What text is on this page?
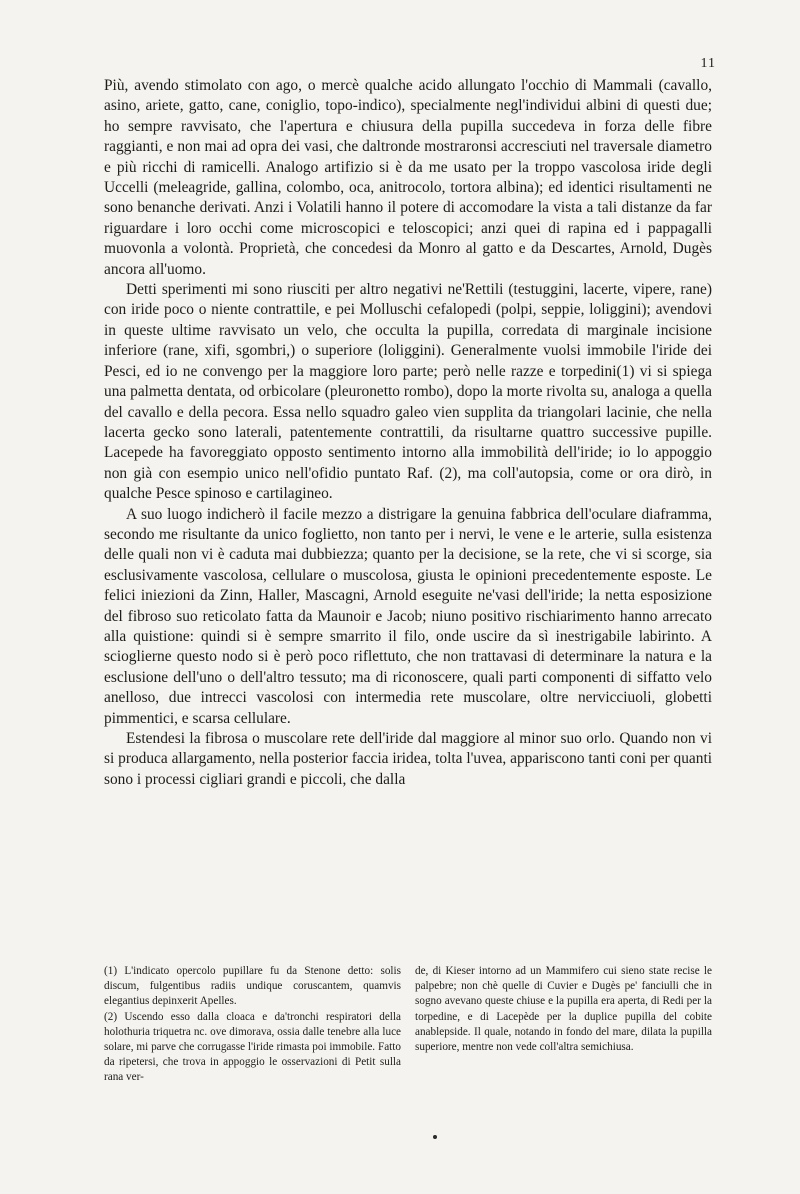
11

Più, avendo stimolato con ago, o mercè qualche acido allungato l'occhio di Mammali (cavallo, asino, ariete, gatto, cane, coniglio, topo-indico), specialmente negl'individui albini di questi due; ho sempre ravvisato, che l'apertura e chiusura della pupilla succedeva in forza delle fibre raggianti, e non mai ad opra dei vasi, che daltronde mostraronsi accresciuti nel traversale diametro e più ricchi di ramicelli. Analogo artifizio si è da me usato per la troppo vascolosa iride degli Uccelli (meleagride, gallina, colombo, oca, anitrocolo, tortora albina); ed identici risultamenti ne sono benanche derivati. Anzi i Volatili hanno il potere di accomodare la vista a tali distanze da far riguardare i loro occhi come microscopici e teloscopici; anzi quei di rapina ed i pappagalli muovonla a volontà. Proprietà, che concedesi da Monro al gatto e da Descartes, Arnold, Dugès ancora all'uomo.

Detti sperimenti mi sono riusciti per altro negativi ne'Rettili (testuggini, lacerte, vipere, rane) con iride poco o niente contrattile, e pei Molluschi cefalopedi (polpi, seppie, loliggini); avendovi in queste ultime ravvisato un velo, che occulta la pupilla, corredata di marginale incisione inferiore (rane, xifi, sgombri,) o superiore (loliggini). Generalmente vuolsi immobile l'iride dei Pesci, ed io ne convengo per la maggiore loro parte; però nelle razze e torpedini(1) vi si spiega una palmetta dentata, od orbicolare (pleuronetto rombo), dopo la morte rivolta su, analoga a quella del cavallo e della pecora. Essa nello squadro galeo vien supplita da triangolari lacinie, che nella lacerta gecko sono laterali, patentemente contrattili, da risultarne quattro successive pupille. Lacepede ha favoreggiato opposto sentimento intorno alla immobilità dell'iride; io lo appoggio non già con esempio unico nell'ofidio puntato Raf. (2), ma coll'autopsia, come or ora dirò, in qualche Pesce spinoso e cartilagineo.

A suo luogo indicherò il facile mezzo a distrigare la genuina fabbrica dell'oculare diaframma, secondo me risultante da unico foglietto, non tanto per i nervi, le vene e le arterie, sulla esistenza delle quali non vi è caduta mai dubbiezza; quanto per la decisione, se la rete, che vi si scorge, sia esclusivamente vascolosa, cellulare o muscolosa, giusta le opinioni precedentemente esposte. Le felici iniezioni da Zinn, Haller, Mascagni, Arnold eseguite ne'vasi dell'iride; la netta esposizione del fibroso suo reticolato fatta da Maunoir e Jacob; niuno positivo rischiarimento hanno arrecato alla quistione: quindi si è sempre smarrito il filo, onde uscire da sì inestrigabile labirinto. A scioglierne questo nodo si è però poco riflettuto, che non trattavasi di determinare la natura e la esclusione dell'uno o dell'altro tessuto; ma di riconoscere, quali parti componenti di siffatto velo anelloso, due intrecci vascolosi con intermedia rete muscolare, oltre nervicciuoli, globetti pimmentici, e scarsa cellulare.

Estendesi la fibrosa o muscolare rete dell'iride dal maggiore al minor suo orlo. Quando non vi si produca allargamento, nella posterior faccia iridea, tolta l'uvea, appariscono tanti coni per quanti sono i processi cigliari grandi e piccoli, che dalla

(1) L'indicato opercolo pupillare fu da Stenone detto: solis discum, fulgentibus radiis undique coruscantem, quamvis elegantius depinxerit Apelles.

(2) Uscendo esso dalla cloaca e da'tronchi respiratori della holothuria triquetra nc. ove dimorava, ossia dalle tenebre alla luce solare, mi parve che corrugasse l'iride rimasta poi immobile. Fatto da ripetersi, che trova in appoggio le osservazioni di Petit sulla rana ver-

de, di Kieser intorno ad un Mammifero cui sieno state recise le palpebre; non chè quelle di Cuvier e Dugès pe' fanciulli che in sogno avevano queste chiuse e la pupilla era aperta, di Redi per la torpedine, e di Lacepède per la duplice pupilla del cobite anablepside. Il quale, notando in fondo del mare, dilata la pupilla superiore, mentre non vede coll'altra semichiusa.
